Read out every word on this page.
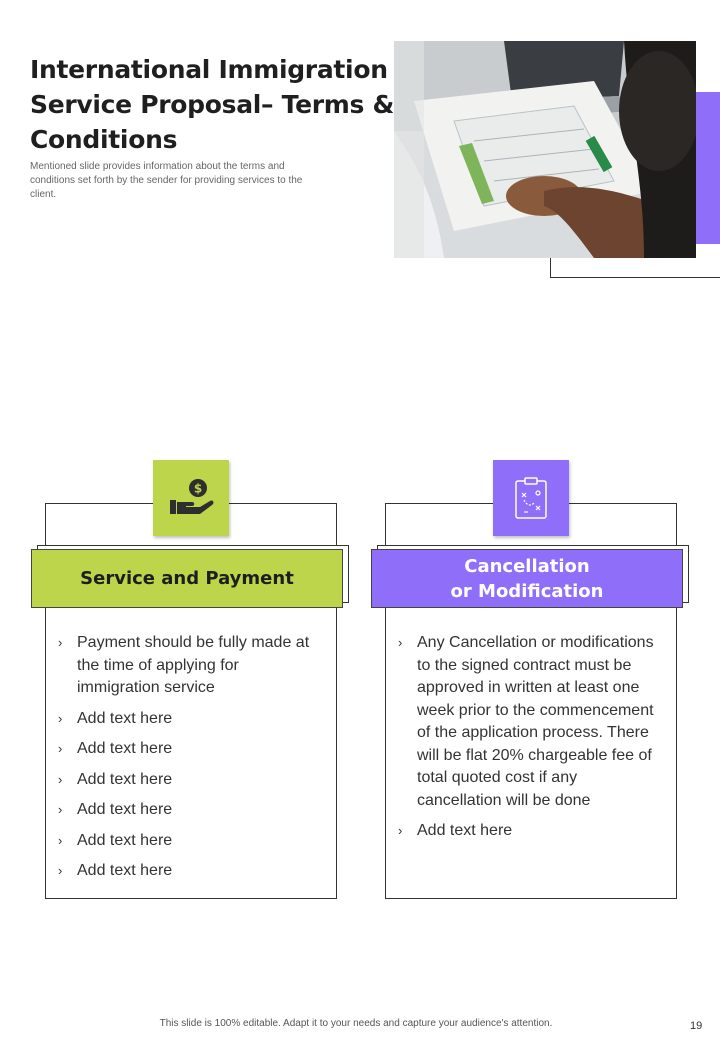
International Immigration Service Proposal– Terms & Conditions
Mentioned slide provides information about the terms and conditions set forth by the sender for providing services to the client.
$
Service and Payment
› Payment should be fully made at the time of applying for immigration service
› Add text here
› Add text here
› Add text here
› Add text here
› Add text here
› Add text here
Cancellation
or Modification
› Any Cancellation or modifications to the signed contract must be approved in written at least one week prior to the commencement of the application process. There will be flat 20% chargeable fee of total quoted cost if any cancellation will be done
› Add text here
This slide is 100% editable. Adapt it to your needs and capture your audience's attention.	19
